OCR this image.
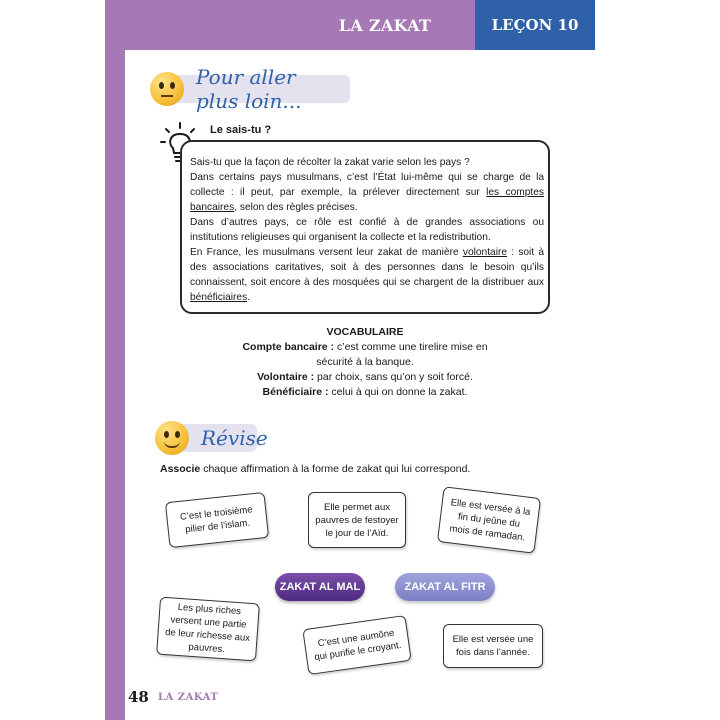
LA ZAKAT	LEÇON 10
Pour aller plus loin...
Le sais-tu ?

Sais-tu que la façon de récolter la zakat varie selon les pays ?

Dans certains pays musulmans, c’est l’État lui-même qui se charge de la collecte : il peut, par exemple, la prélever directement sur les comptes bancaires, selon des règles précises.

Dans d’autres pays, ce rôle est confié à de grandes associations ou institutions religieuses qui organisent la collecte et la redistribution.

En France, les musulmans versent leur zakat de manière volontaire : soit à des associations caritatives, soit à des personnes dans le besoin qu’ils connaissent, soit encore à des mosquées qui se chargent de la distribuer aux bénéficiaires.

VOCABULAIRE
Compte bancaire : c’est comme une tirelire mise en sécurité à la banque.
Volontaire : par choix, sans qu’on y soit forcé.
Bénéficiaire : celui à qui on donne la zakat.
Révise
Associe chaque affirmation à la forme de zakat qui lui correspond.
C’est le troisième pilier de l’islam.
Elle permet aux pauvres de festoyer le jour de l’Aïd.
Elle est versée à la fin du jeûne du mois de ramadan.
Les plus riches versent une partie de leur richesse aux pauvres.	C’est une aumône qui purifie le croyant.
Elle est versée une fois dans l’année.
ZAKAT AL MAL	ZAKAT AL FITR
48 LA ZAKAT
